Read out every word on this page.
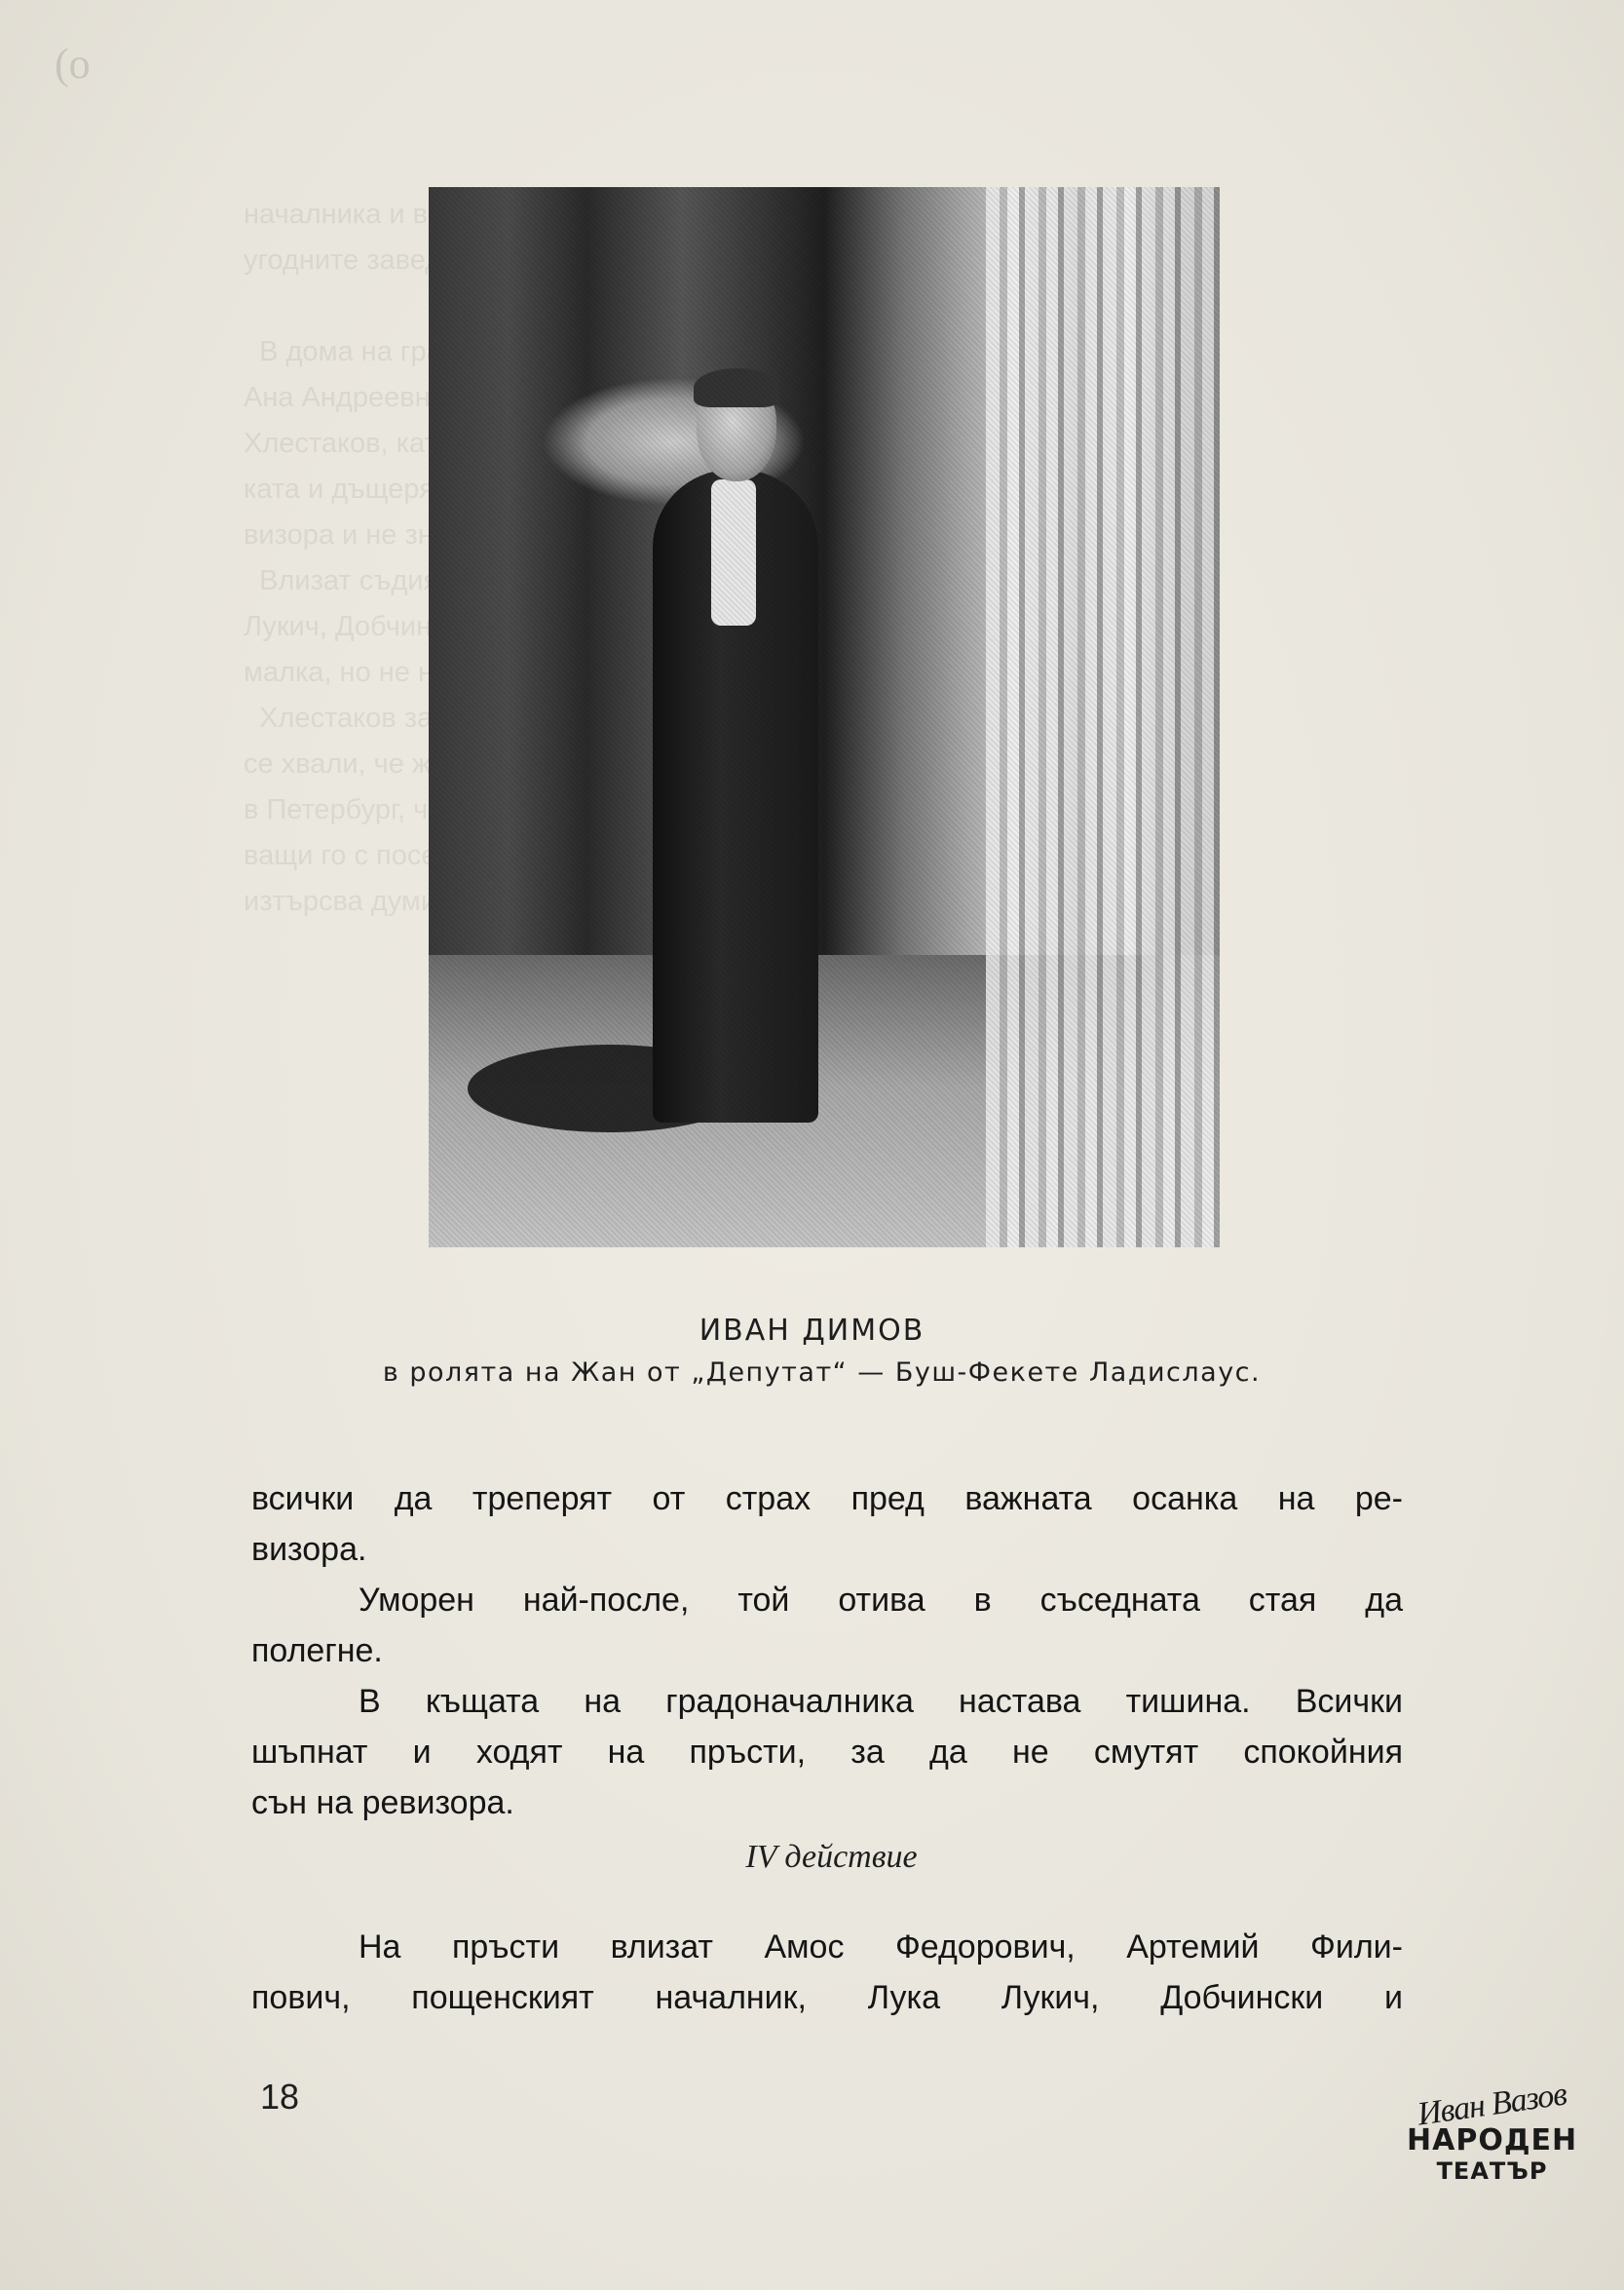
(о

началника и
угодните

В дома на
Ана Андреевна
Хлестаков, като
ката и дъщерята
визора и не
Влизат съдията,
Лукич, Добчински
малка, но не
Хлестаков
се хвали, че
в Петербург,
ващи го с
изтърсва думи,
ИВАН ДИМОВ
в ролята на Жан от „Депутат“ — Буш-Фекете Ладислаус.
всички да треперят от страх пред важната осанка на ре-
визора.
Уморен най-после, той отива в съседната стая да
полегне.
В къщата на градоначалника настава тишина. Всички
шъпнат и ходят на пръсти, за да не смутят спокойния
сън на ревизора.
IV действие
На пръсти влизат Амос Федорович, Артемий Фили-
пович, пощенският началник, Лука Лукич, Добчински и
18	Иван Вазов
НАРОДЕН
ТЕАТЪР
